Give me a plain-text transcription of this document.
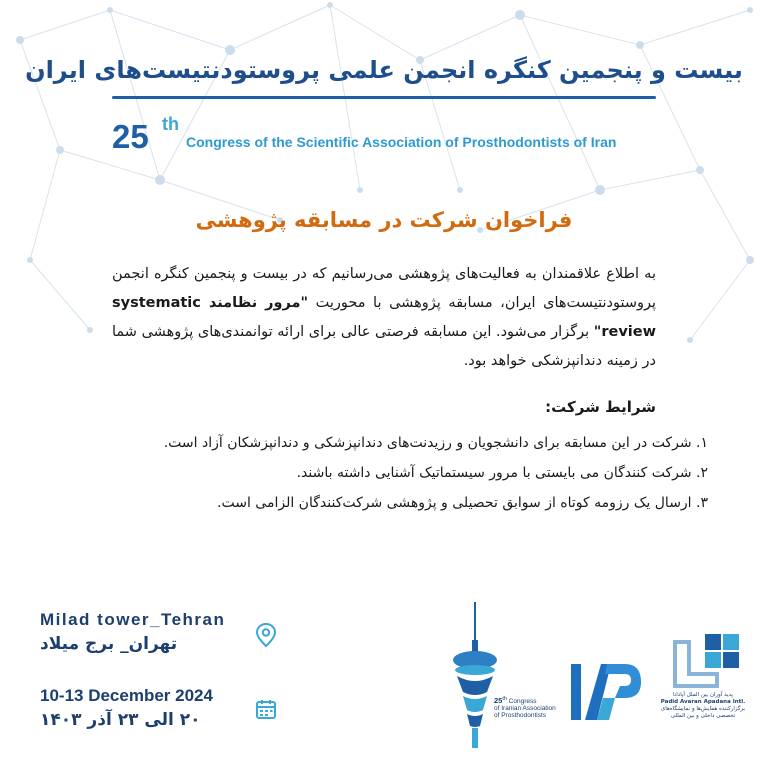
بیست و پنجمین کنگره انجمن علمی پروستودنتیست‌های ایران
25 th
Congress of the Scientific Association of Prosthodontists of Iran
فراخوان شرکت در مسابقه پژوهشی
به اطلاع علاقمندان به فعالیت‌های پژوهشی می‌رسانیم که در بیست و پنجمین کنگره انجمن پروستودنتیست‌های ایران، مسابقه پژوهشی با محوریت "مرور نظامند systematic review" برگزار می‌شود. این مسابقه فرصتی عالی برای ارائه توانمندی‌های پژوهشی شما در زمینه دندانپزشکی خواهد بود.
شرایط شرکت:
۱. شرکت در این مسابقه برای دانشجویان و رزیدنت‌های دندانپزشکی و دندانپزشکان آزاد است.
۲. شرکت کنندگان می بایستی با مرور سیستماتیک آشنایی داشته باشند.
۳. ارسال یک رزومه کوتاه از سوابق تحصیلی و پژوهشی شرکت‌کنندگان الزامی است.
Milad tower_Tehran
تهران_ برج میلاد
10-13 December 2024
۲۰ الی ۲۳ آذر ۱۴۰۳
25th Congress
of Iranian Association
of Prosthodontists
پدید آوران بین الملل آپادانا
Padid Avaran Apadana Intl.
برگزارکننده همایش‌ها و نمایشگاه‌های تخصصی داخلی و بین المللی
